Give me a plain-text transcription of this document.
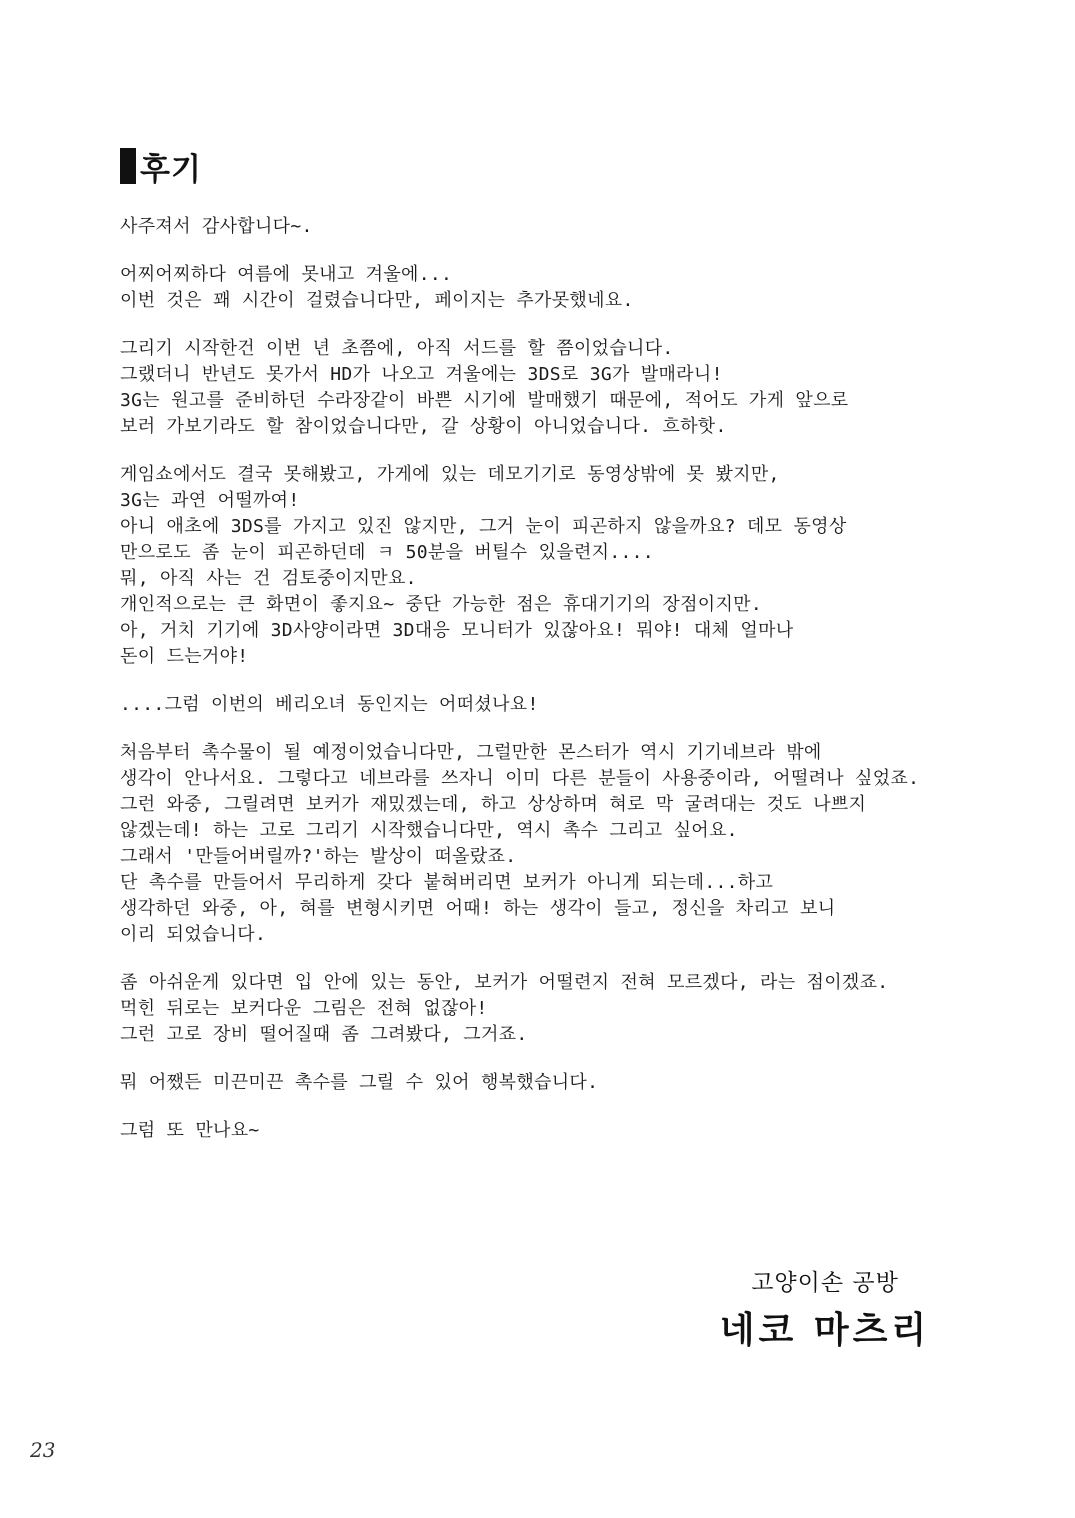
후기
사주져서 감사합니다~.
어찌어찌하다 여름에 못내고 겨울에...
이번 것은 꽤 시간이 걸렸습니다만, 페이지는 추가못했네요.
그리기 시작한건 이번 년 초쯤에, 아직 서드를 할 쯤이었습니다.
그랬더니 반년도 못가서 HD가 나오고 겨울에는 3DS로 3G가 발매라니!
3G는 원고를 준비하던 수라장같이 바쁜 시기에 발매했기 때문에, 적어도 가게 앞으로
보러 가보기라도 할 참이었습니다만, 갈 상황이 아니었습니다. 흐하핫.
게임쇼에서도 결국 못해봤고, 가게에 있는 데모기기로 동영상밖에 못 봤지만,
3G는 과연 어떨까여!
아니 애초에 3DS를 가지고 있진 않지만, 그거 눈이 피곤하지 않을까요? 데모 동영상
만으로도 좀 눈이 피곤하던데 ㅋ 50분을 버틸수 있을련지....
뭐, 아직 사는 건 검토중이지만요.
개인적으로는 큰 화면이 좋지요~ 중단 가능한 점은 휴대기기의 장점이지만.
아, 거치 기기에 3D사양이라면 3D대응 모니터가 있잖아요! 뭐야! 대체 얼마나
돈이 드는거야!
....그럼 이번의 베리오녀 동인지는 어떠셨나요!
처음부터 촉수물이 될 예정이었습니다만, 그럴만한 몬스터가 역시 기기네브라 밖에
생각이 안나서요. 그렇다고 네브라를 쓰자니 이미 다른 분들이 사용중이라, 어떨려나 싶었죠.
그런 와중, 그릴려면 보커가 재밌겠는데, 하고 상상하며 혀로 막 굴려대는 것도 나쁘지
않겠는데! 하는 고로 그리기 시작했습니다만, 역시 촉수 그리고 싶어요.
그래서 '만들어버릴까?'하는 발상이 떠올랐죠.
단 촉수를 만들어서 무리하게 갖다 붙혀버리면 보커가 아니게 되는데...하고
생각하던 와중, 아, 혀를 변형시키면 어때! 하는 생각이 들고, 정신을 차리고 보니
이리 되었습니다.
좀 아쉬운게 있다면 입 안에 있는 동안, 보커가 어떨련지 전혀 모르겠다, 라는 점이겠죠.
먹힌 뒤로는 보커다운 그림은 전혀 없잖아!
그런 고로 장비 떨어질때 좀 그려봤다, 그거죠.
뭐 어쨌든 미끈미끈 촉수를 그릴 수 있어 행복했습니다.
그럼 또 만나요~
고양이손 공방
네코 마츠리
23
